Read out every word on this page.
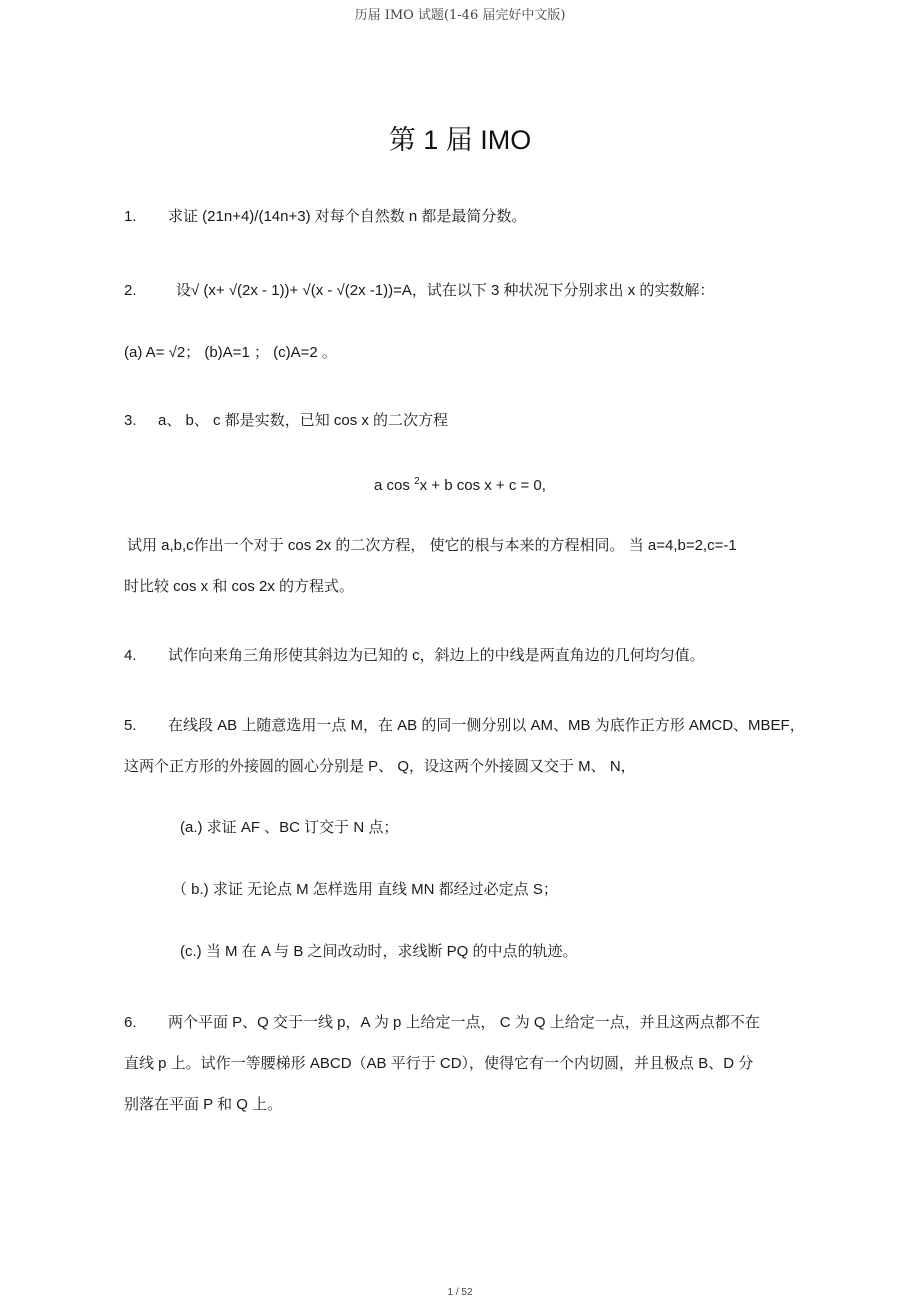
历届 IMO 试题(1-46 届完好中文版)
第 1 届 IMO
1. 求证 (21n+4)/(14n+3) 对每个自然数 n 都是最简分数。
2.	设√ (x+ √(2x - 1))+ √(x - √(2x -1))=A，试在以下 3 种状况下分别求出 x 的实数解：
(a) A= √2； (b)A=1 ； (c)A=2 。
3. a、 b、 c 都是实数，已知 cos x 的二次方程
a cos $^2$x + b cos x + c = 0,
试用 a,b,c作出一个对于 cos 2x 的二次方程， 使它的根与本来的方程相同。 当 a=4,b=2,c=-1
时比较 cos x 和 cos 2x 的方程式。
4. 试作向来角三角形使其斜边为已知的 c，斜边上的中线是两直角边的几何均匀值。
5. 在线段 AB 上随意选用一点 M，在 AB 的同一侧分别以 AM、MB 为底作正方形 AMCD、MBEF，
这两个正方形的外接圆的圆心分别是 P、 Q，设这两个外接圆又交于 M、 N，
(a.) 求证 AF 、BC 订交于 N 点；
（ b.) 求证 无论点 M 怎样选用 直线 MN 都经过必定点 S；
(c.) 当 M 在 A 与 B 之间改动时，求线断 PQ 的中点的轨迹。
6. 两个平面 P、Q 交于一线 p，A 为 p 上给定一点， C 为 Q 上给定一点，并且这两点都不在
直线 p 上。试作一等腰梯形 ABCD（AB 平行于 CD），使得它有一个内切圆，并且极点 B、D 分
别落在平面 P 和 Q 上。
1 / 52
